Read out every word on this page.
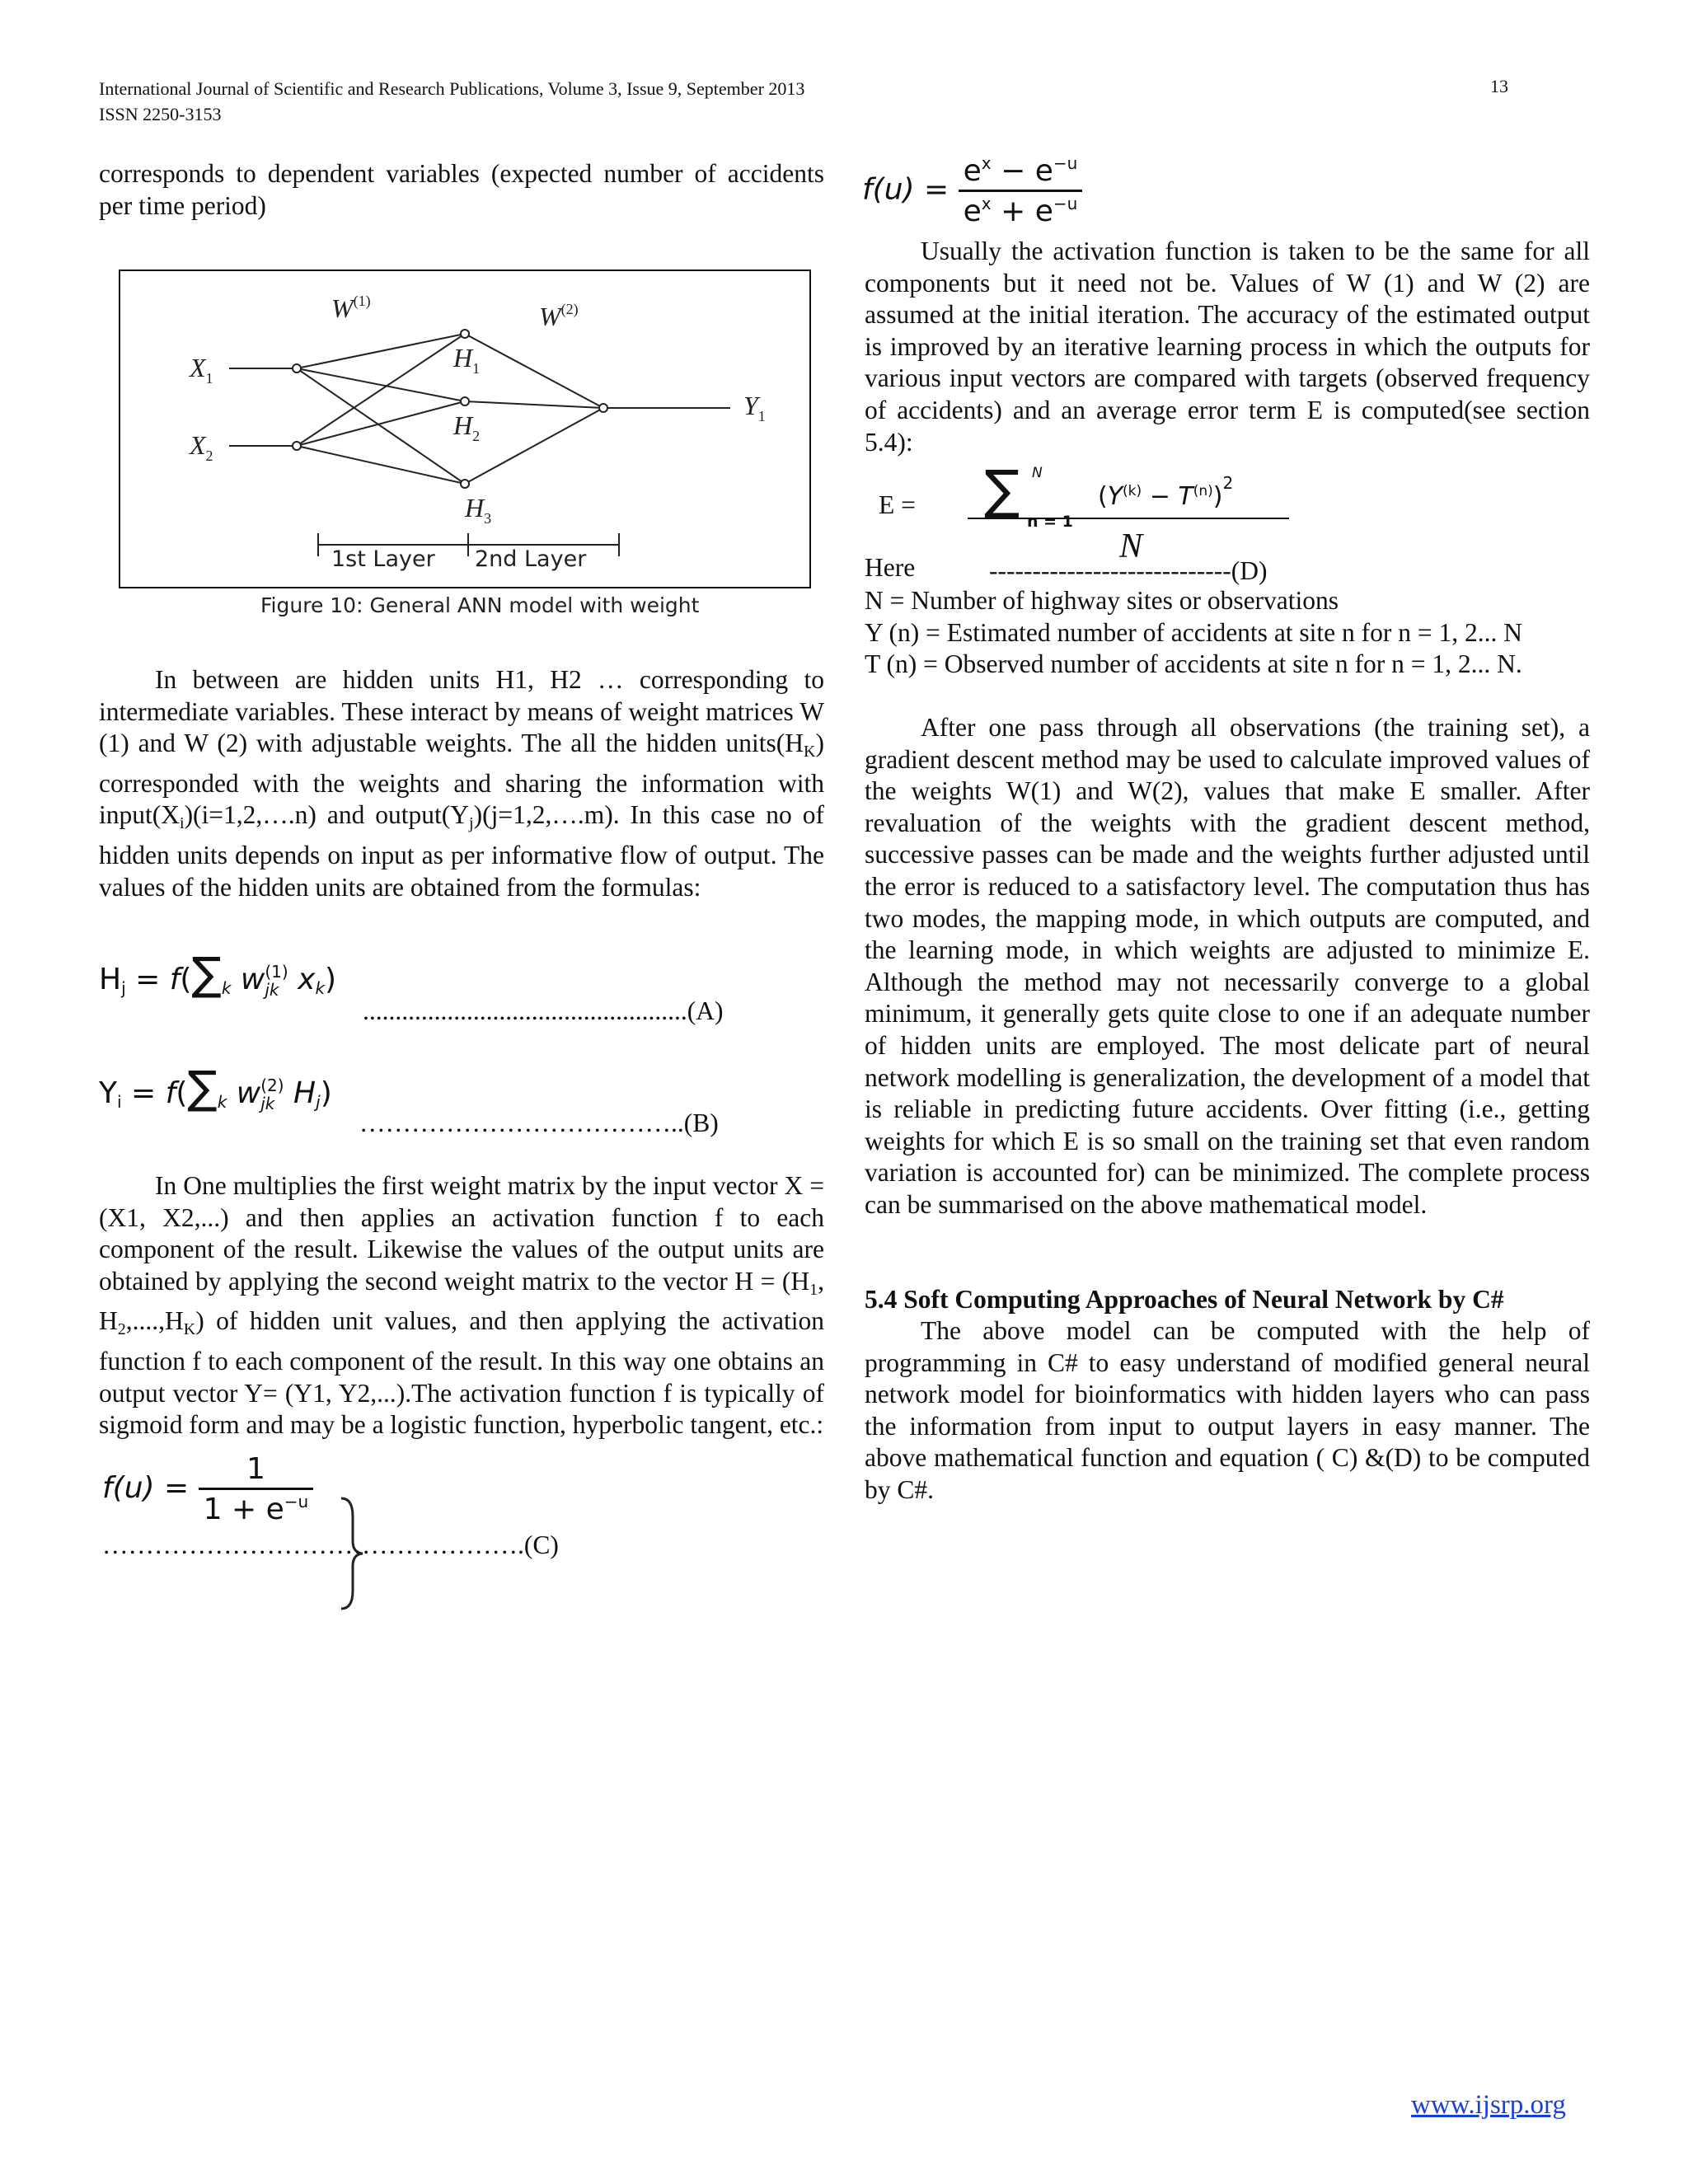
International Journal of Scientific and Research Publications, Volume 3, Issue 9, September 2013
ISSN 2250-3153
13

corresponds to dependent variables (expected number of accidents per time period)

$W^{(1)}$
$W^{(2)}$
$X_1$
$X_2$
$H_1$
$H_2$
$H_3$
$Y_1$
1st Layer 2nd Layer
Figure 10: General ANN model with weight

In between are hidden units H1, H2 … corresponding to intermediate variables. These interact by means of weight matrices W (1) and W (2) with adjustable weights. The all the hidden $units(H_K)$ corresponded with the weights and sharing the information with $input(X_i)(i=1,2,\dots.n)$ and $output(Y_j)(j=1,2,\dots.m)$. In this case no of hidden units depends on input as per informative flow of output. The values of the hidden units are obtained from the formulas:

$H_j = f(\sum_k$ w (1)
jk $x_k$)
..................................................(A)
$Y_i = f(\sum_k$ w (2)
jk $H_j$)
………………………………..(B)

In One multiplies the first weight matrix by the input vector X = (X1, X2,...) and then applies an activation function f to each component of the result. Likewise the values of the output units are obtained by applying the second weight matrix to the vector $H = (H_1$, $H_2,....,H_K$) of hidden unit values, and then applying the activation function f to each component of the result. In this way one obtains an output vector Y= (Y1, Y2,...).The activation function f is typically of sigmoid form and may be a logistic function, hyperbolic tangent, etc.:

$f(u) = \frac{1}{1 + e^{-u}}$
………………………………………….(C)
$f(u) = \frac{e^x - e^{-u}}{e^x + e^{-u}}$

Usually the activation function is taken to be the same for all components but it need not be. Values of W (1) and W (2) are assumed at the initial iteration. The accuracy of the estimated output is improved by an iterative learning process in which the outputs for various input vectors are compared with targets (observed frequency of accidents) and an average error term E is computed(see section 5.4):

E = ∑ N
n = 1
$(Y^{(k)} - T^{(n)})^2$
N
Here	----------------------------(D)

N = Number of highway sites or observations

Y (n) = Estimated number of accidents at site n for n = 1, 2... N

T (n) = Observed number of accidents at site n for n = 1, 2... N.

After one pass through all observations (the training set), a gradient descent method may be used to calculate improved values of the weights W(1) and W(2), values that make E smaller. After revaluation of the weights with the gradient descent method, successive passes can be made and the weights further adjusted until the error is reduced to a satisfactory level. The computation thus has two modes, the mapping mode, in which outputs are computed, and the learning mode, in which weights are adjusted to minimize E. Although the method may not necessarily converge to a global minimum, it generally gets quite close to one if an adequate number of hidden units are employed. The most delicate part of neural network modelling is generalization, the development of a model that is reliable in predicting future accidents. Over fitting (i.e., getting weights for which E is so small on the training set that even random variation is accounted for) can be minimized. The complete process can be summarised on the above mathematical model.

5.4 Soft Computing Approaches of Neural Network by C#

The above model can be computed with the help of programming in C# to easy understand of modified general neural network model for bioinformatics with hidden layers who can pass the information from input to output layers in easy manner. The above mathematical function and equation ( C) &(D) to be computed by C#.

www.ijsrp.org
